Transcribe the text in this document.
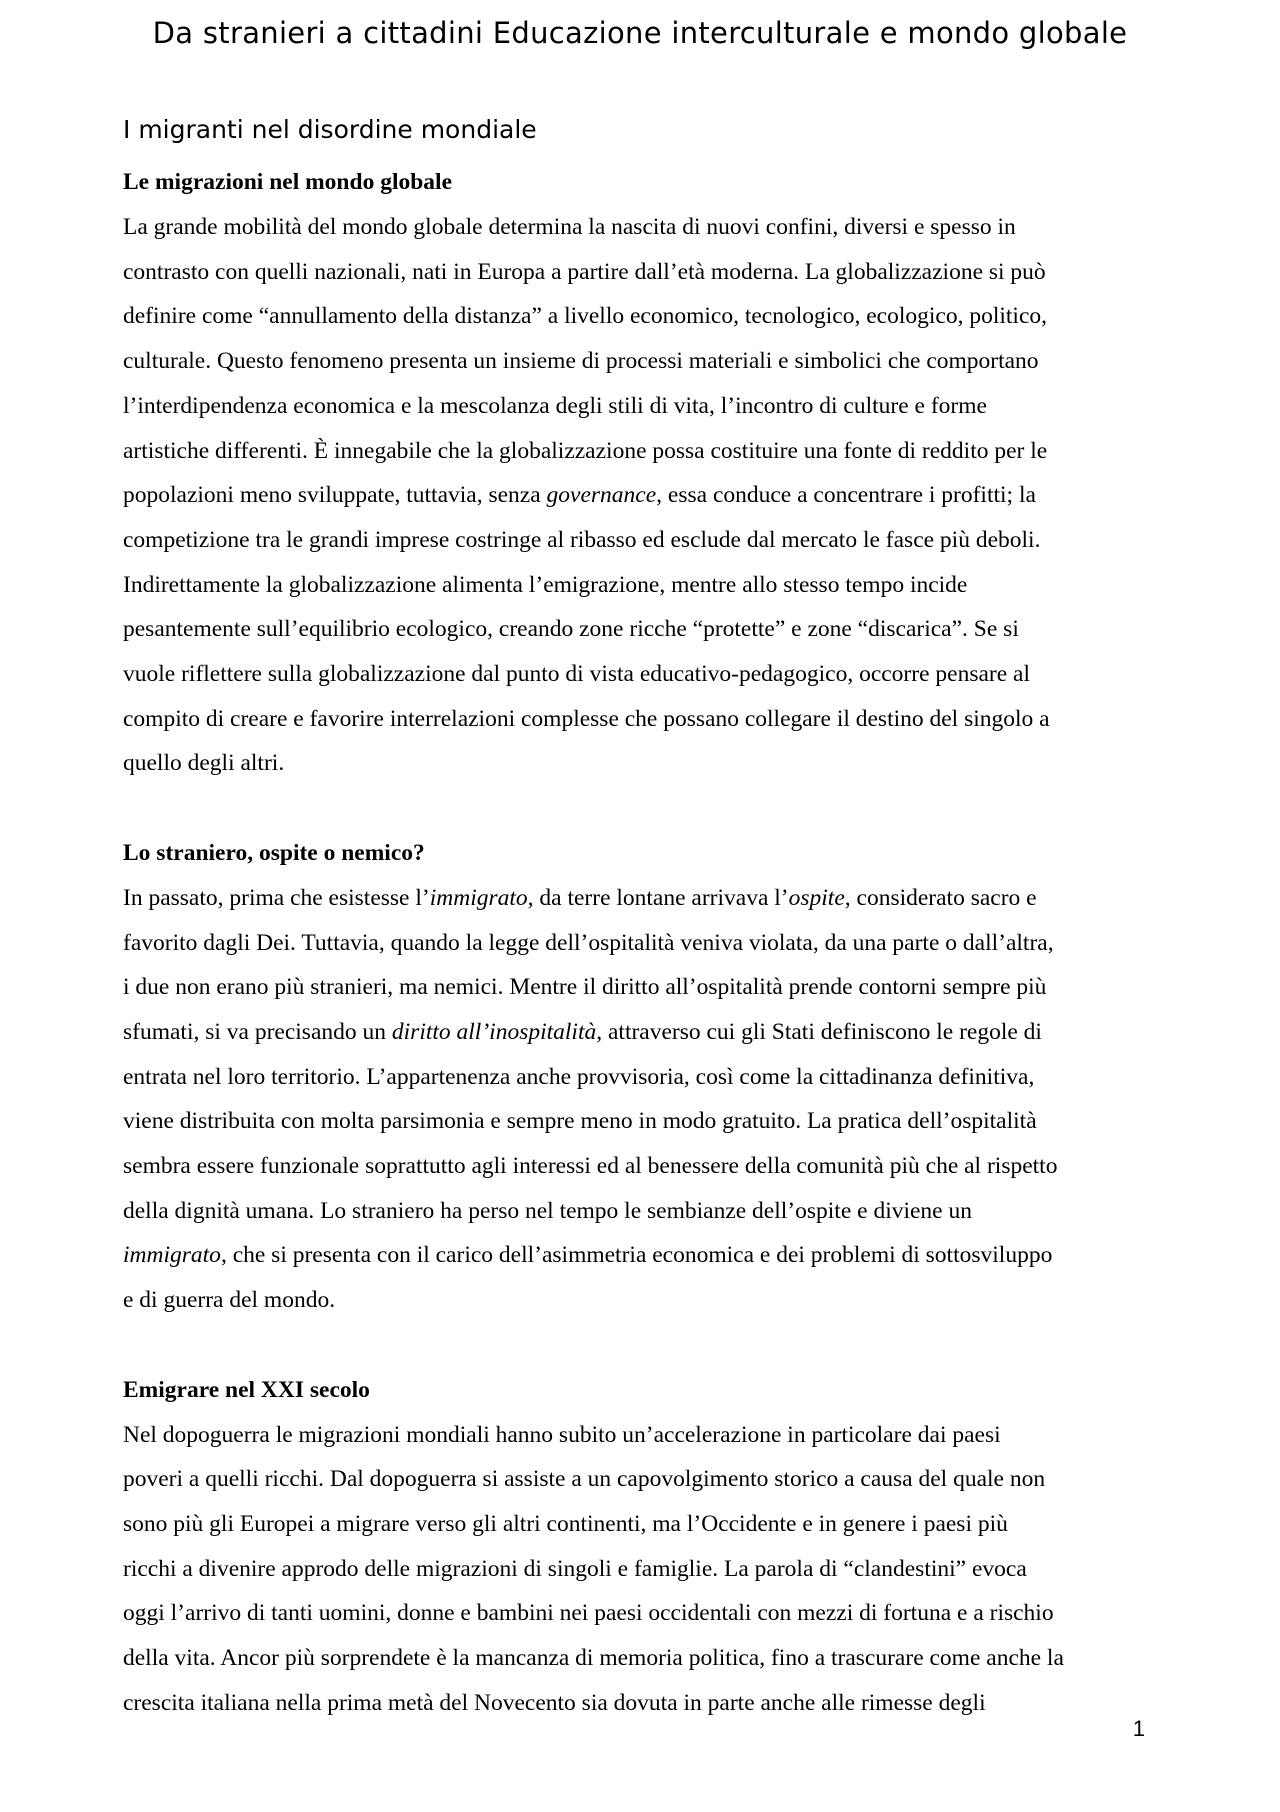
Da stranieri a cittadini Educazione interculturale e mondo globale
I migranti nel disordine mondiale
Le migrazioni nel mondo globale
La grande mobilità del mondo globale determina la nascita di nuovi confini, diversi e spesso in
contrasto con quelli nazionali, nati in Europa a partire dall’età moderna. La globalizzazione si può
definire come “annullamento della distanza” a livello economico, tecnologico, ecologico, politico,
culturale. Questo fenomeno presenta un insieme di processi materiali e simbolici che comportano
l’interdipendenza economica e la mescolanza degli stili di vita, l’incontro di culture e forme
artistiche differenti. È innegabile che la globalizzazione possa costituire una fonte di reddito per le
popolazioni meno sviluppate, tuttavia, senza governance, essa conduce a concentrare i profitti; la
competizione tra le grandi imprese costringe al ribasso ed esclude dal mercato le fasce più deboli.
Indirettamente la globalizzazione alimenta l’emigrazione, mentre allo stesso tempo incide
pesantemente sull’equilibrio ecologico, creando zone ricche “protette” e zone “discarica”. Se si
vuole riflettere sulla globalizzazione dal punto di vista educativo-pedagogico, occorre pensare al
compito di creare e favorire interrelazioni complesse che possano collegare il destino del singolo a
quello degli altri.
Lo straniero, ospite o nemico?
In passato, prima che esistesse l’immigrato, da terre lontane arrivava l’ospite, considerato sacro e
favorito dagli Dei. Tuttavia, quando la legge dell’ospitalità veniva violata, da una parte o dall’altra,
i due non erano più stranieri, ma nemici. Mentre il diritto all’ospitalità prende contorni sempre più
sfumati, si va precisando un diritto all’inospitalità, attraverso cui gli Stati definiscono le regole di
entrata nel loro territorio. L’appartenenza anche provvisoria, così come la cittadinanza definitiva,
viene distribuita con molta parsimonia e sempre meno in modo gratuito. La pratica dell’ospitalità
sembra essere funzionale soprattutto agli interessi ed al benessere della comunità più che al rispetto
della dignità umana. Lo straniero ha perso nel tempo le sembianze dell’ospite e diviene un
immigrato, che si presenta con il carico dell’asimmetria economica e dei problemi di sottosviluppo
e di guerra del mondo.
Emigrare nel XXI secolo
Nel dopoguerra le migrazioni mondiali hanno subito un’accelerazione in particolare dai paesi
poveri a quelli ricchi. Dal dopoguerra si assiste a un capovolgimento storico a causa del quale non
sono più gli Europei a migrare verso gli altri continenti, ma l’Occidente e in genere i paesi più
ricchi a divenire approdo delle migrazioni di singoli e famiglie. La parola di “clandestini” evoca
oggi l’arrivo di tanti uomini, donne e bambini nei paesi occidentali con mezzi di fortuna e a rischio
della vita. Ancor più sorprendete è la mancanza di memoria politica, fino a trascurare come anche la
crescita italiana nella prima metà del Novecento sia dovuta in parte anche alle rimesse degli
1
